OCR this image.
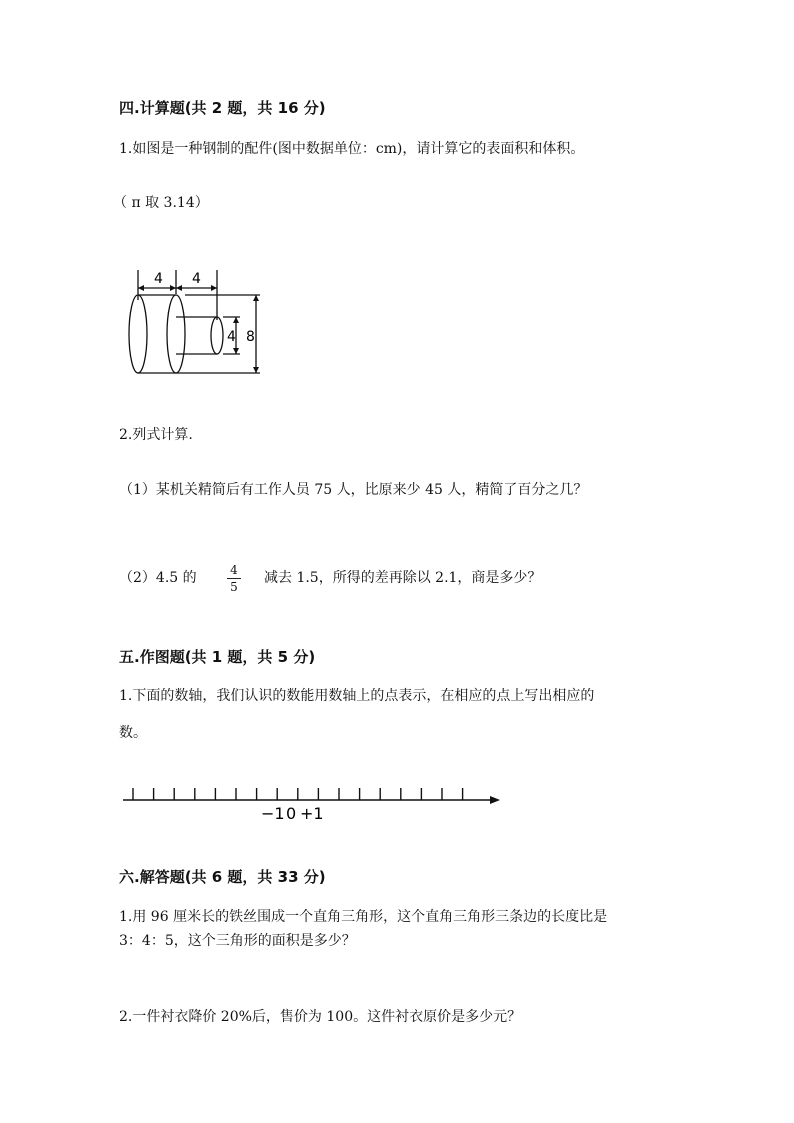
四.计算题(共 2 题，共 16 分)
1.如图是一种钢制的配件(图中数据单位：cm)，请计算它的表面积和体积。
（ π 取 3.14）
4 4
4 8
2.列式计算.
（1）某机关精简后有工作人员 75 人，比原来少 45 人，精简了百分之几？
（2）4.5 的	4
5
减去 1.5，所得的差再除以 2.1，商是多少？
五.作图题(共 1 题，共 5 分)
1.下面的数轴，我们认识的数能用数轴上的点表示，在相应的点上写出相应的
数。
−1 0 +1
六.解答题(共 6 题，共 33 分)
1.用 96 厘米长的铁丝围成一个直角三角形，这个直角三角形三条边的长度比是
3：4：5，这个三角形的面积是多少？
2.一件衬衣降价 20%后，售价为 100。这件衬衣原价是多少元？
